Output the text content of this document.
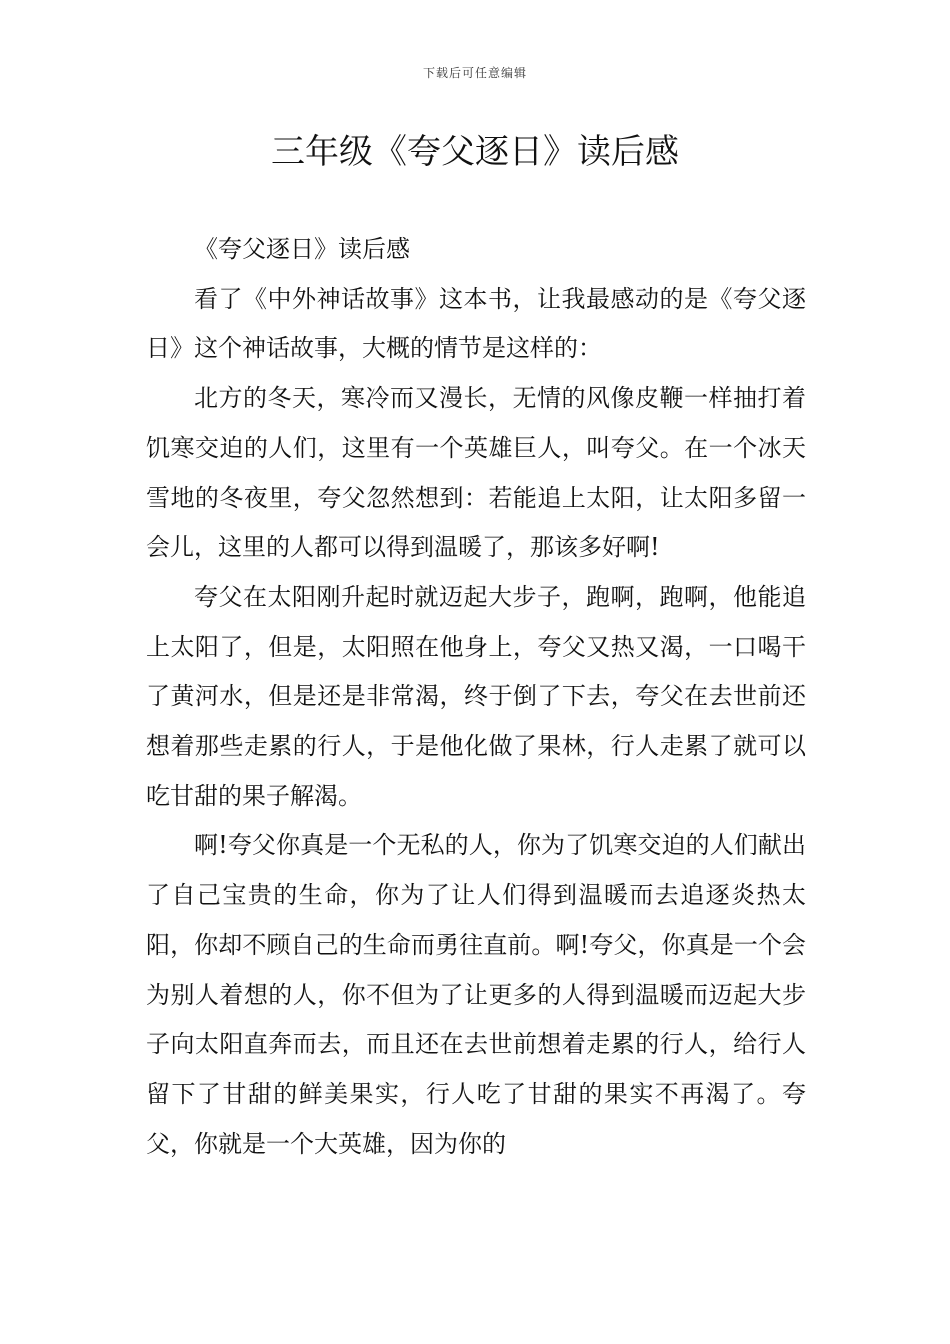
下载后可任意编辑
三年级《夸父逐日》读后感

《夸父逐日》读后感

看了《中外神话故事》这本书，让我最感动的是《夸父逐日》这个神话故事，大概的情节是这样的：

北方的冬天，寒冷而又漫长，无情的风像皮鞭一样抽打着饥寒交迫的人们，这里有一个英雄巨人，叫夸父。在一个冰天雪地的冬夜里，夸父忽然想到：若能追上太阳，让太阳多留一会儿，这里的人都可以得到温暖了，那该多好啊!

夸父在太阳刚升起时就迈起大步子，跑啊，跑啊，他能追上太阳了，但是，太阳照在他身上，夸父又热又渴，一口喝干了黄河水，但是还是非常渴，终于倒了下去，夸父在去世前还想着那些走累的行人，于是他化做了果林，行人走累了就可以吃甘甜的果子解渴。

啊!夸父你真是一个无私的人，你为了饥寒交迫的人们献出了自己宝贵的生命，你为了让人们得到温暖而去追逐炎热太阳，你却不顾自己的生命而勇往直前。啊!夸父，你真是一个会为别人着想的人，你不但为了让更多的人得到温暖而迈起大步子向太阳直奔而去，而且还在去世前想着走累的行人，给行人留下了甘甜的鲜美果实，行人吃了甘甜的果实不再渴了。夸父，你就是一个大英雄，因为你的
